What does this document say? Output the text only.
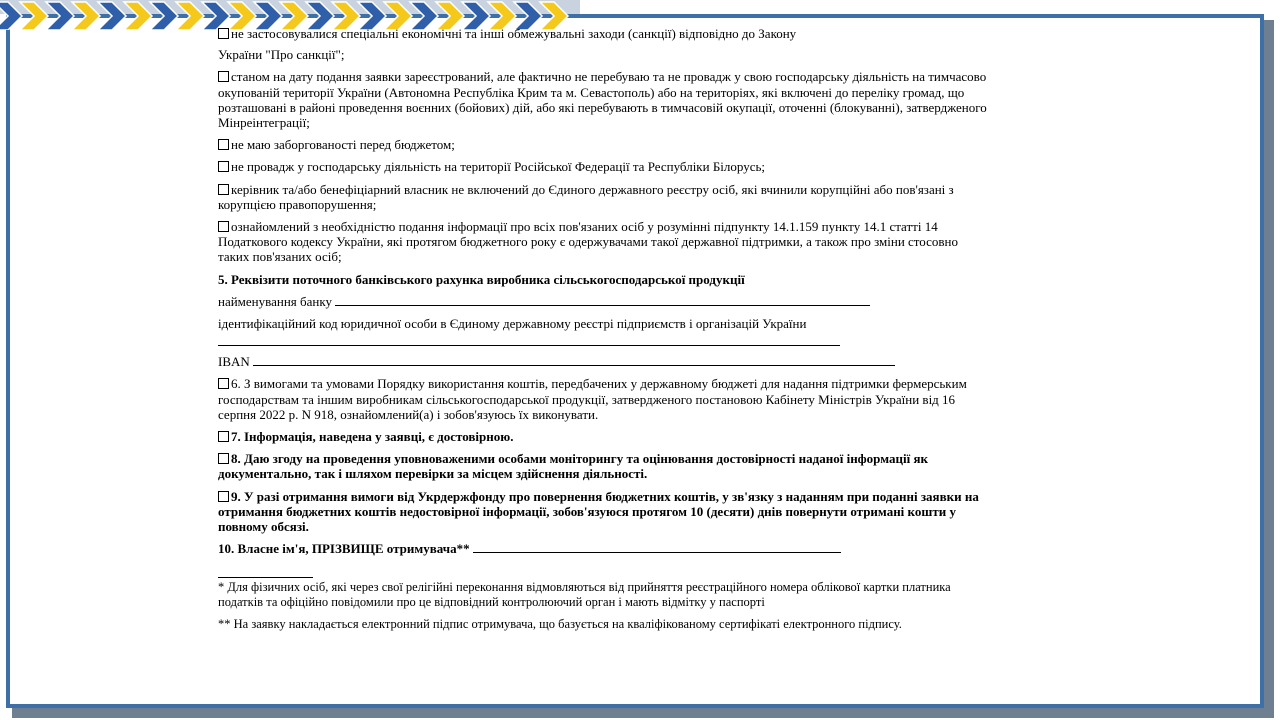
не застосовувалися спеціальні економічні та інші обмежувальні заходи (санкції) відповідно до Закону
України "Про санкції";
станом на дату подання заявки зареєстрований, але фактично не перебуваю та не провадж у свою господарську діяльність на тимчасово окупованій території України (Автономна Республіка Крим та м. Севастополь) або на територіях, які включені до переліку громад, що розташовані в районі проведення воєнних (бойових) дій, або які перебувають в тимчасовій окупації, оточенні (блокуванні), затвердженого Мінреінтеграції;
не маю заборгованості перед бюджетом;
не провадж у господарську діяльність на території Російської Федерації та Республіки Білорусь;
керівник та/або бенефіціарний власник не включений до Єдиного державного реєстру осіб, які вчинили корупційні або пов'язані з корупцією правопорушення;
ознайомлений з необхідністю подання інформації про всіх пов'язаних осіб у розумінні підпункту 14.1.159 пункту 14.1 статті 14 Податкового кодексу України, які протягом бюджетного року є одержувачами такої державної підтримки, а також про зміни стосовно таких пов'язаних осіб;
5. Реквізити поточного банківського рахунка виробника сільськогосподарської продукції
найменування банку
ідентифікаційний код юридичної особи в Єдиному державному реєстрі підприємств і організацій України
IBAN
6. З вимогами та умовами Порядку використання коштів, передбачених у державному бюджеті для надання підтримки фермерським господарствам та іншим виробникам сільськогосподарської продукції, затвердженого постановою Кабінету Міністрів України від 16 серпня 2022 р. N 918, ознайомлений(а) і зобов'язуюсь їх виконувати.
7. Інформація, наведена у заявці, є достовірною.
8. Даю згоду на проведення уповноваженими особами моніторингу та оцінювання достовірності наданої інформації як документально, так і шляхом перевірки за місцем здійснення діяльності.
9. У разі отримання вимоги від Укрдержфонду про повернення бюджетних коштів, у зв'язку з наданням при поданні заявки на отримання бюджетних коштів недостовірної інформації, зобов'язуюся протягом 10 (десяти) днів повернути отримані кошти у повному обсязі.
10. Власне ім'я, ПРІЗВИЩЕ отримувача**
* Для фізичних осіб, які через свої релігійні переконання відмовляються від прийняття реєстраційного номера облікової картки платника податків та офіційно повідомили про це відповідний контролюючий орган і мають відмітку у паспорті
** На заявку накладається електронний підпис отримувача, що базується на кваліфікованому сертифікаті електронного підпису.
